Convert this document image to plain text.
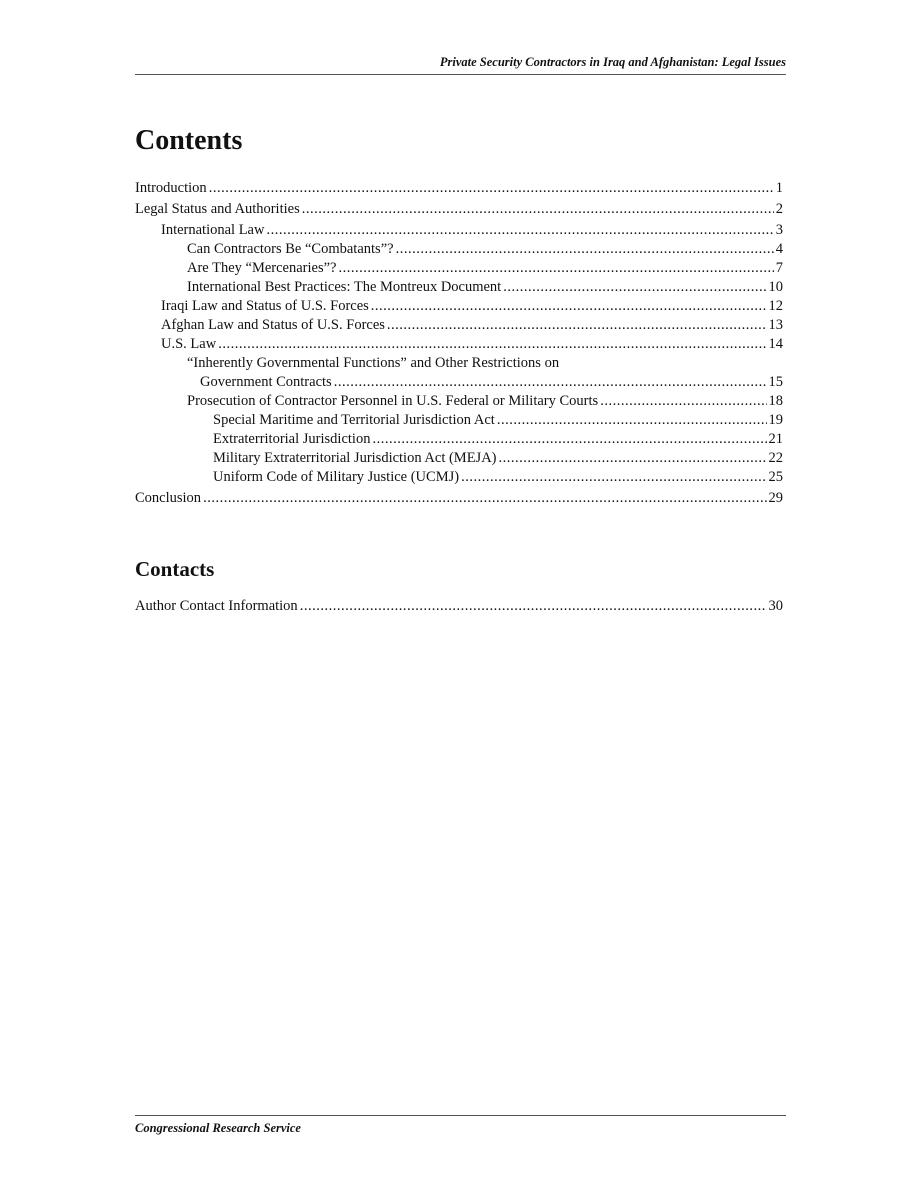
Private Security Contractors in Iraq and Afghanistan: Legal Issues
Contents
Introduction .....	1
Legal Status and Authorities .....	2
International Law .....	3
Can Contractors Be “Combatants”? .....	4
Are They “Mercenaries”? .....	7
International Best Practices: The Montreux Document .....	10
Iraqi Law and Status of U.S. Forces .....	12
Afghan Law and Status of U.S. Forces .....	13
U.S. Law .....	14
“Inherently Governmental Functions” and Other Restrictions on
Government Contracts .....	15
Prosecution of Contractor Personnel in U.S. Federal or Military Courts .....	18
Special Maritime and Territorial Jurisdiction Act .....	19
Extraterritorial Jurisdiction .....	21
Military Extraterritorial Jurisdiction Act (MEJA) .....	22
Uniform Code of Military Justice (UCMJ) .....	25
Conclusion .....	29
Contacts
Author Contact Information .....	30
Congressional Research Service
